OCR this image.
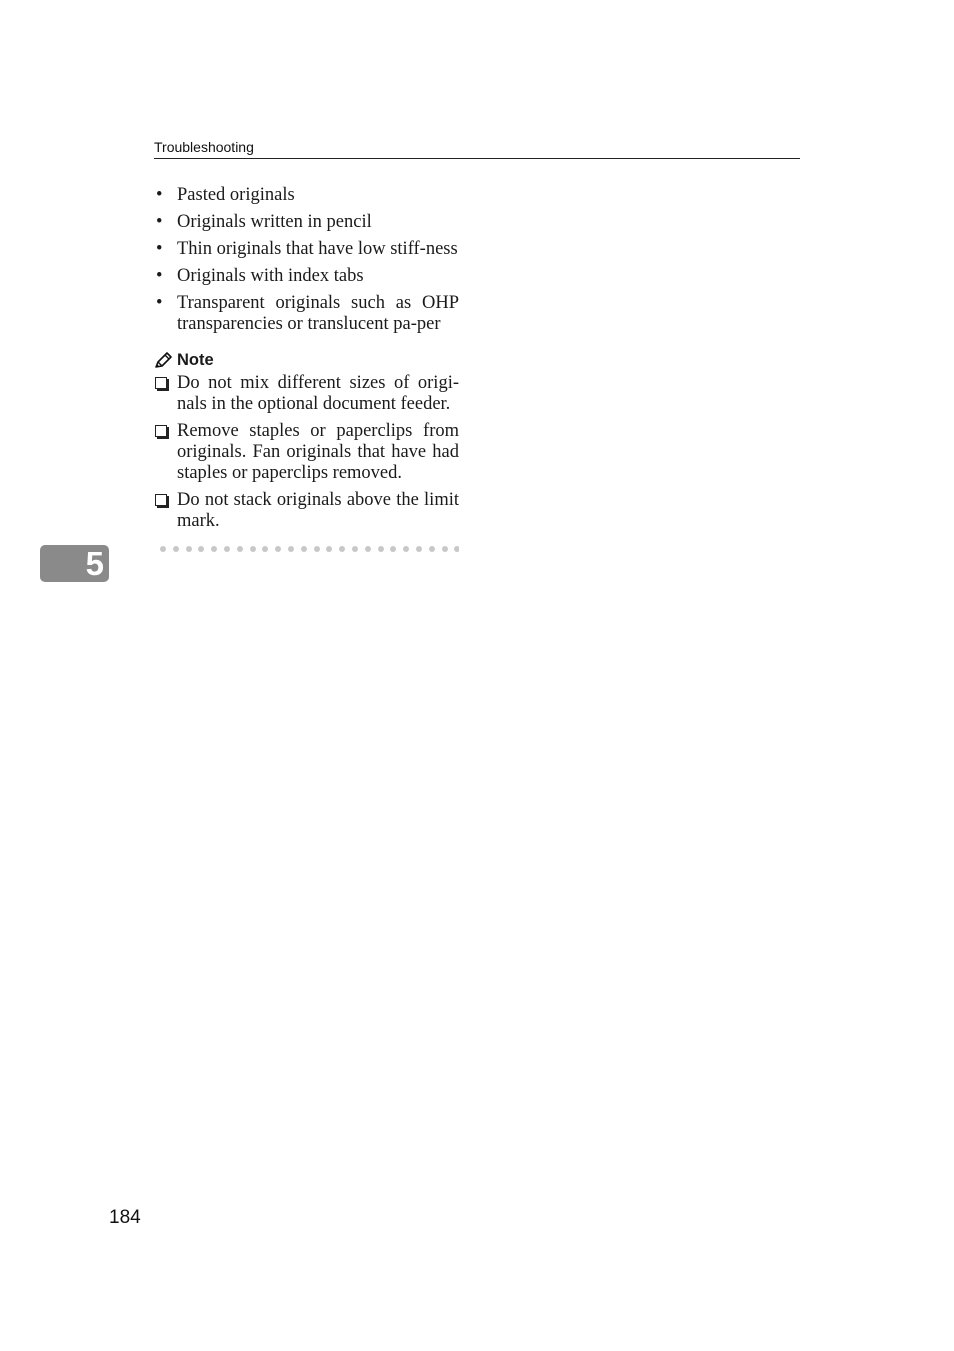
Troubleshooting
5
• Pasted originals
• Originals written in pencil
• Thin originals that have low stiff-ness
• Originals with index tabs
• Transparent originals such as OHP transparencies or translucent pa-per
Note
Do not mix different sizes of origi-nals in the optional document feeder.
Remove staples or paperclips from originals. Fan originals that have had staples or paperclips removed.
Do not stack originals above the limit mark.
184
